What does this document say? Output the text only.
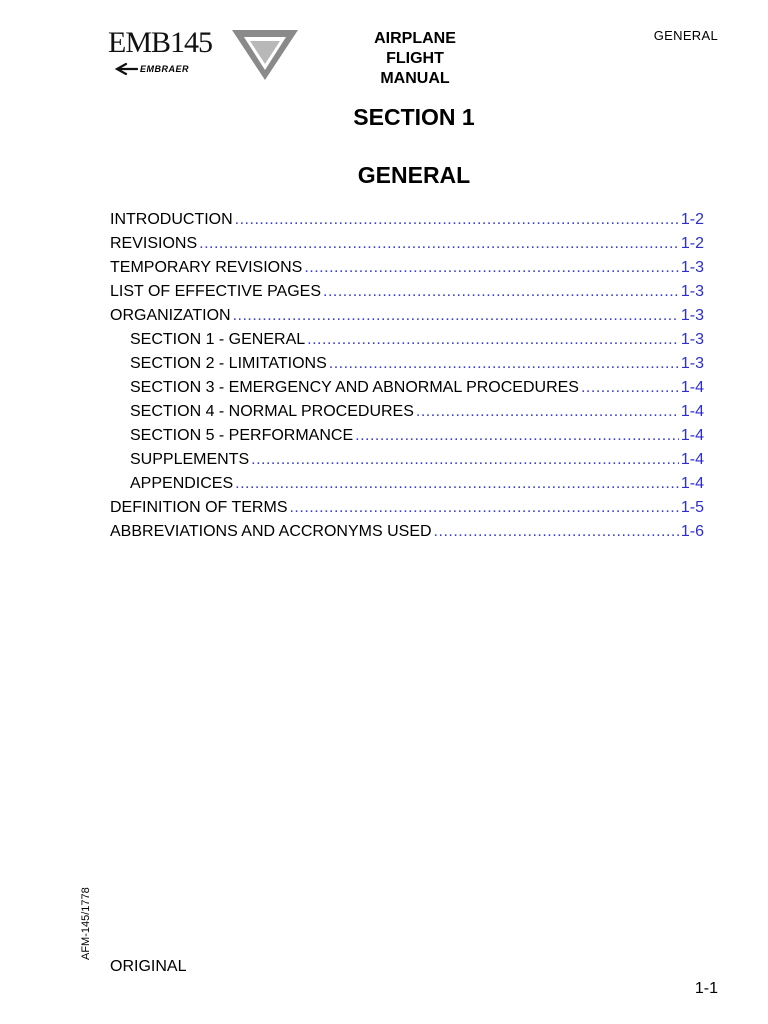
EMB145
EMBRAER
AIRPLANE
FLIGHT
MANUAL
GENERAL
SECTION 1
GENERAL
INTRODUCTION .....	1-2
REVISIONS .....	1-2
TEMPORARY REVISIONS .....	1-3
LIST OF EFFECTIVE PAGES .....	1-3
ORGANIZATION .....	1-3
SECTION 1 - GENERAL .....	1-3
SECTION 2 - LIMITATIONS .....	1-3
SECTION 3 - EMERGENCY AND ABNORMAL PROCEDURES .....	1-4
SECTION 4 - NORMAL PROCEDURES .....	1-4
SECTION 5 - PERFORMANCE .....	1-4
SUPPLEMENTS .....	1-4
APPENDICES .....	1-4
DEFINITION OF TERMS .....	1-5
ABBREVIATIONS AND ACCRONYMS USED .....	1-6
AFM-145/1778
ORIGINAL
1-1
